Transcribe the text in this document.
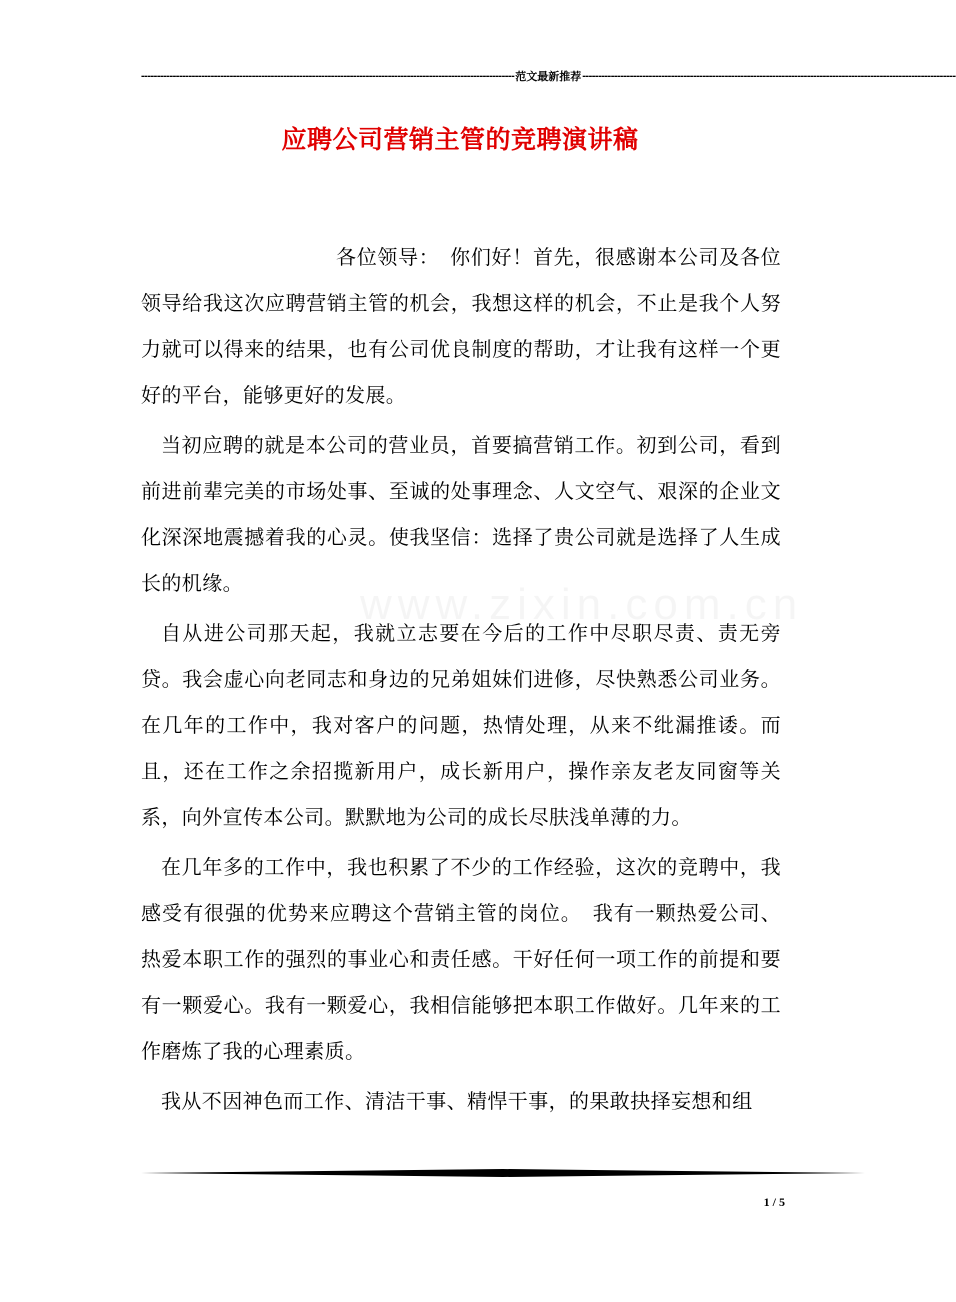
---------------------------------------------------------------------------------------------------------------------- 范文最新推荐 ----------------------------------------------------------------------------------------------------------------------
应聘公司营销主管的竞聘演讲稿

各位领导：　你们好！首先，很感谢本公司及各位领导给我这次应聘营销主管的机会，我想这样的机会，不止是我个人努力就可以得来的结果，也有公司优良制度的帮助，才让我有这样一个更好的平台，能够更好的发展。

当初应聘的就是本公司的营业员，首要搞营销工作。初到公司，看到前进前辈完美的市场处事、至诚的处事理念、人文空气、艰深的企业文化深深地震撼着我的心灵。使我坚信：选择了贵公司就是选择了人生成长的机缘。

自从进公司那天起，我就立志要在今后的工作中尽职尽责、责无旁贷。我会虚心向老同志和身边的兄弟姐妹们进修，尽快熟悉公司业务。在几年的工作中，我对客户的问题，热情处理，从来不纰漏推诿。而且，还在工作之余招揽新用户，成长新用户，操作亲友老友同窗等关系，向外宣传本公司。默默地为公司的成长尽肤浅单薄的力。

在几年多的工作中，我也积累了不少的工作经验，这次的竞聘中，我感受有很强的优势来应聘这个营销主管的岗位。　我有一颗热爱公司、热爱本职工作的强烈的事业心和责任感。干好任何一项工作的前提和要有一颗爱心。我有一颗爱心，我相信能够把本职工作做好。几年来的工作磨炼了我的心理素质。

我从不因神色而工作、清洁干事、精悍干事，的果敢抉择妄想和组

1 / 5
